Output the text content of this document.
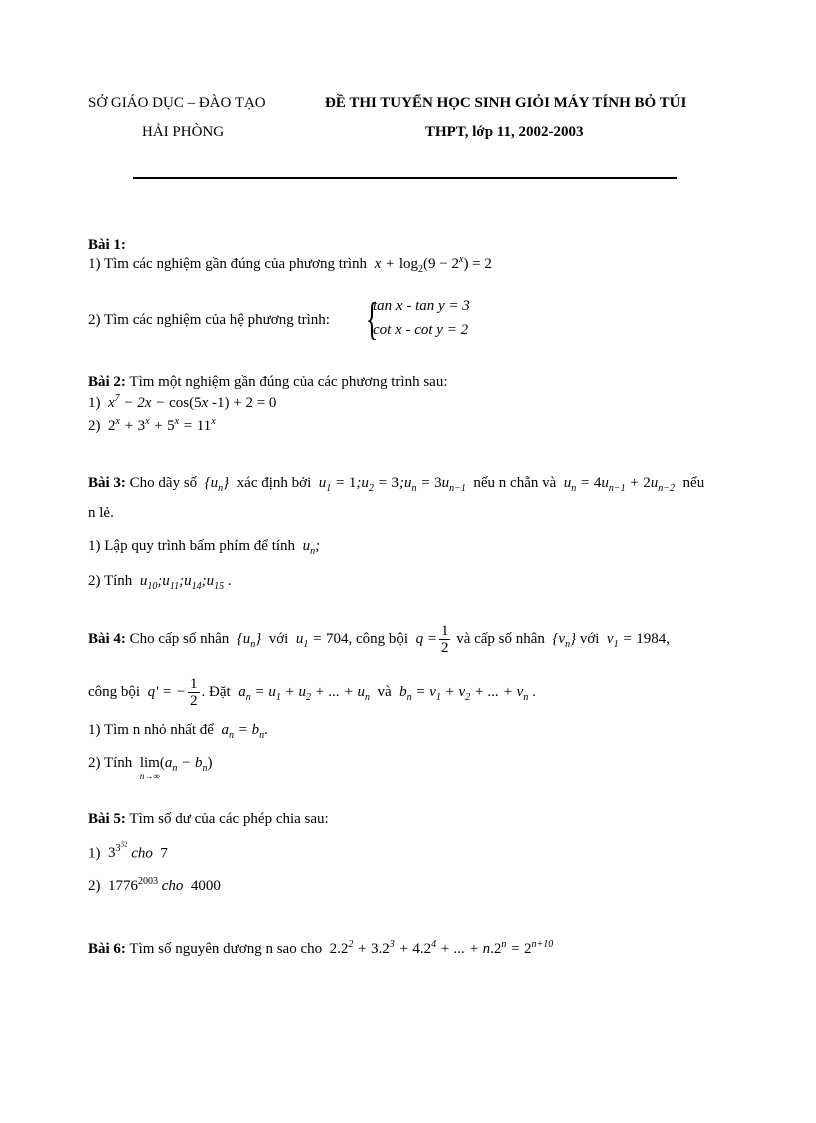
SỞ GIÁO DỤC – ĐÀO TẠO
HẢI PHÒNG
ĐỀ THI TUYỂN HỌC SINH GIỎI MÁY TÍNH BỎ TÚI
THPT, lớp 11, 2002-2003
Bài 1:
1) Tìm các nghiệm gần đúng của phương trình  $x + \log_2(9 - 2^x) = 2$
2) Tìm các nghiệm của hệ phương trình: {
tan x - tan y = 3
cot x - cot y = 2
Bài 2: Tìm một nghiệm gần đúng của các phương trình sau:
1)  $x^7 - 2x - \cos(5x$ -1) + 2 = 0
2) $2^x + 3^x + 5^x = 11^x$
Bài 3: Cho dãy số  $\{u_n\}$  xác định bởi  $u_1$ = $1;u_2$ = $3;u_n = 3u_{n-1}$ nếu n chẵn và  $u_n = 4u_{n-1} + 2u_{n-2}$ nếu
n lẻ.
1) Lập quy trình bấm phím để tính  $u_n$;
2) Tính  $u_{10};u_{11};u_{14};u_{15}$ .
Bài 4: Cho cấp số nhân  $\{u_n\}$  với  $u_1 = 704$, công bội  $q = \frac{1}{2}$ và cấp số nhân  $\{v_n\}$ với  $v_1 = 1984$,
công bội  q' = − $\frac{1}{2}$ . Đặt  $a_n = u_1 + u_2$ + ... + $u_n$ và  $b_n = v_1 + v_2$ + ... + $v_n$ .
1) Tìm n nhỏ nhất để  $a_n = b_n$.
2) Tính lim
n→∞
$(a_n - b_n)$
Bài 5: Tìm số dư của các phép chia sau:
1)  $3^{3^{32}}$ cho  7
2)  $1776^{2003}$ cho  4000
Bài 6: Tìm số nguyên dương n sao cho $2.2^2 + 3.2^3 + 4.2^4$ + ... + $n.2^n = 2^{n+10}$
